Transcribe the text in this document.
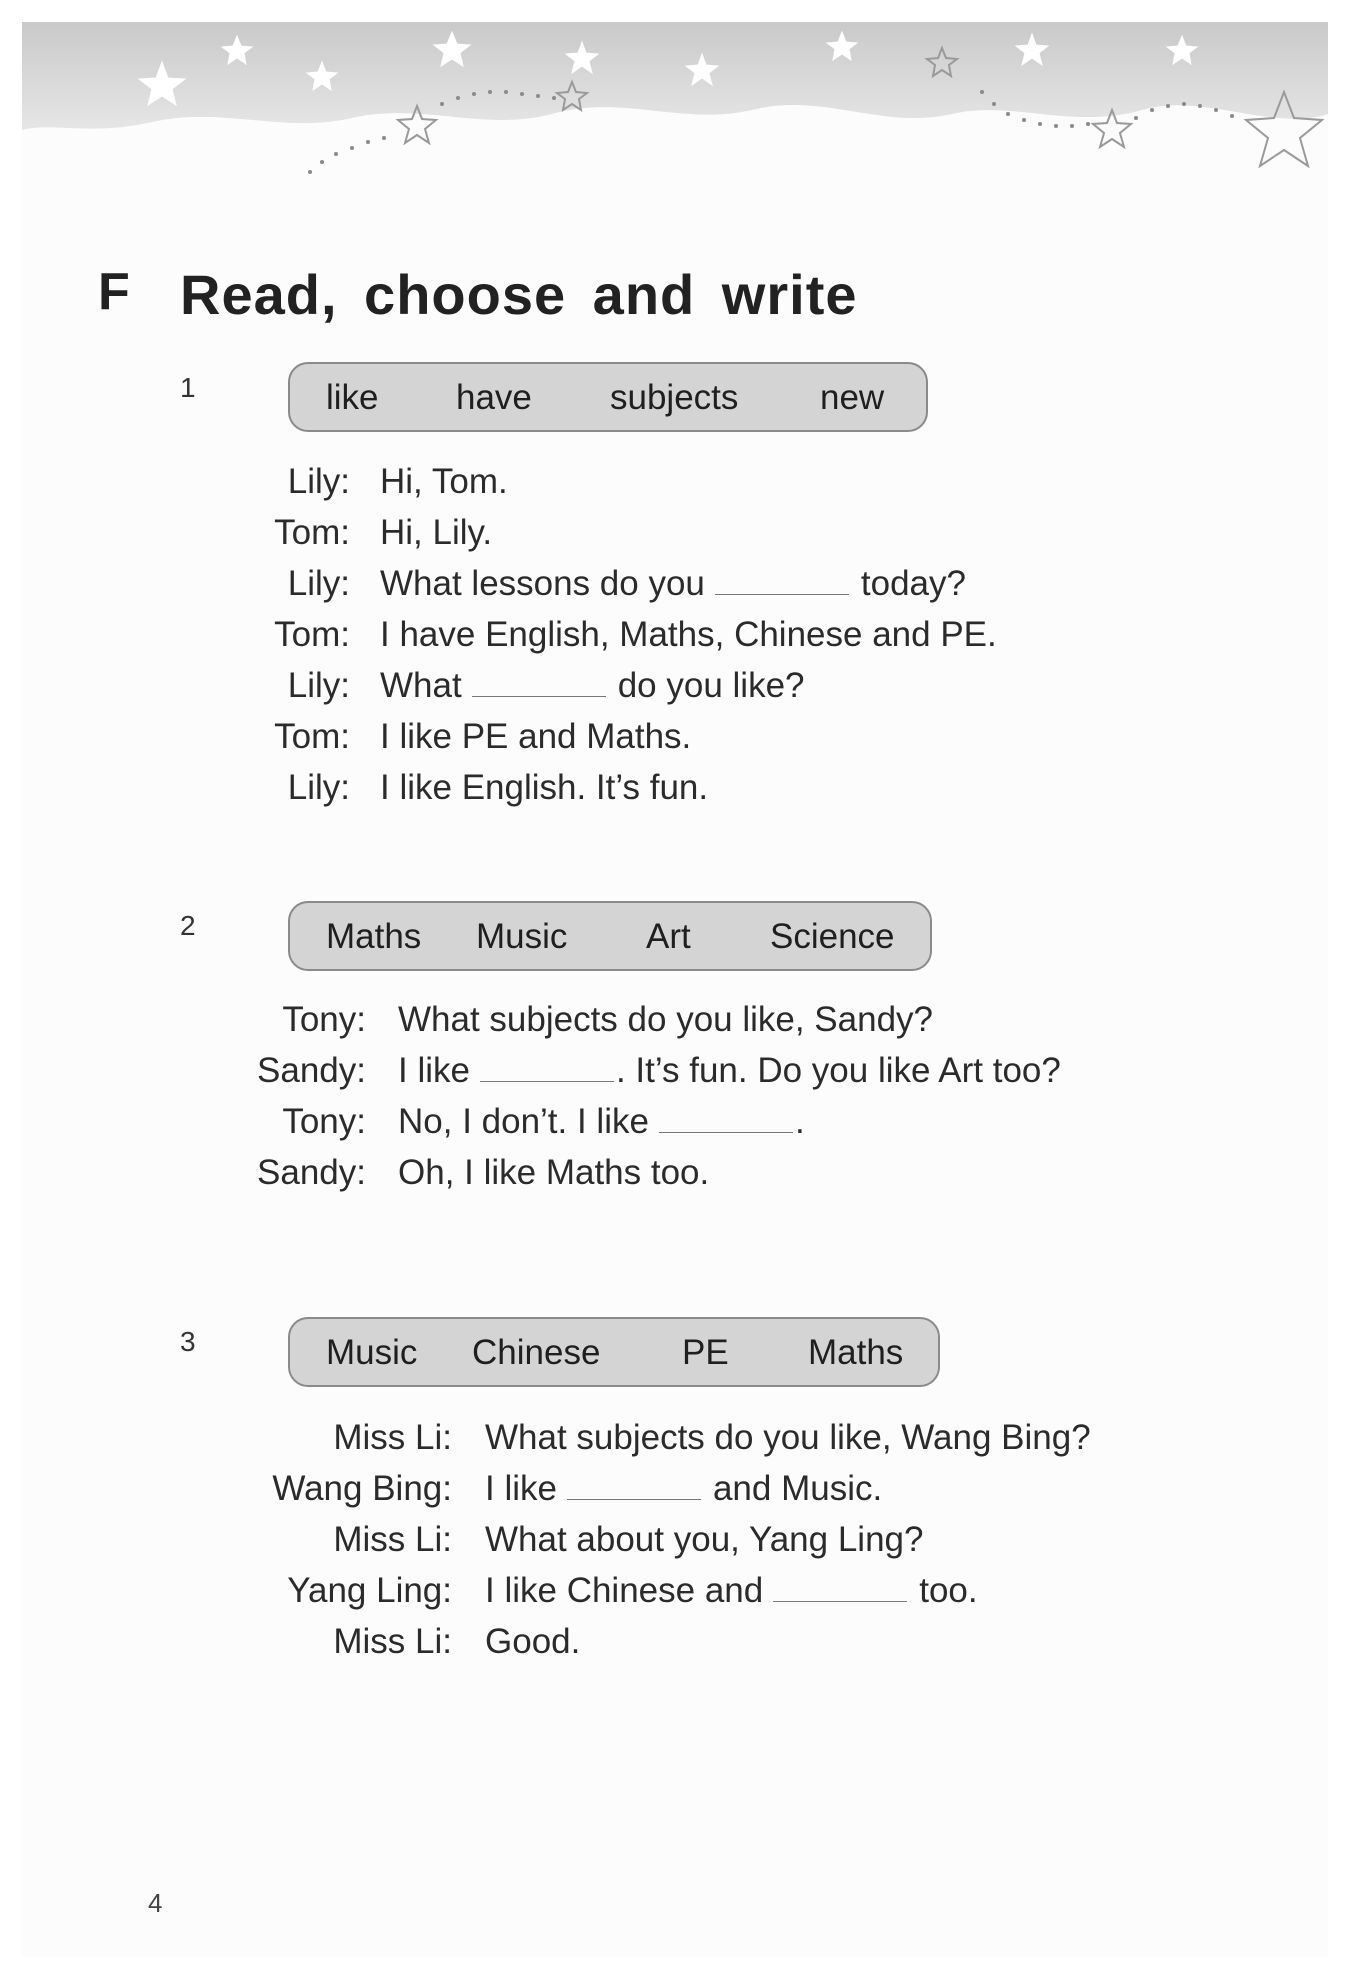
F Read, choose and write
1	like have subjects new
Lily: Hi, Tom.
Tom: Hi, Lily.
Lily: What lessons do you	today?
Tom: I have English, Maths, Chinese and PE.
Lily: What	do you like?
Tom: I like PE and Maths.
Lily: I like English. It’s fun.
2	Maths Music Art Science
Tony: What subjects do you like, Sandy?
Sandy: I like	. It’s fun. Do you like Art too?
Tony: No, I don’t. I like	.
Sandy: Oh, I like Maths too.
3	Music Chinese PE Maths
Miss Li: What subjects do you like, Wang Bing?
Wang Bing: I like	and Music.
Miss Li: What about you, Yang Ling?
Yang Ling: I like Chinese and	too.
Miss Li: Good.
4
